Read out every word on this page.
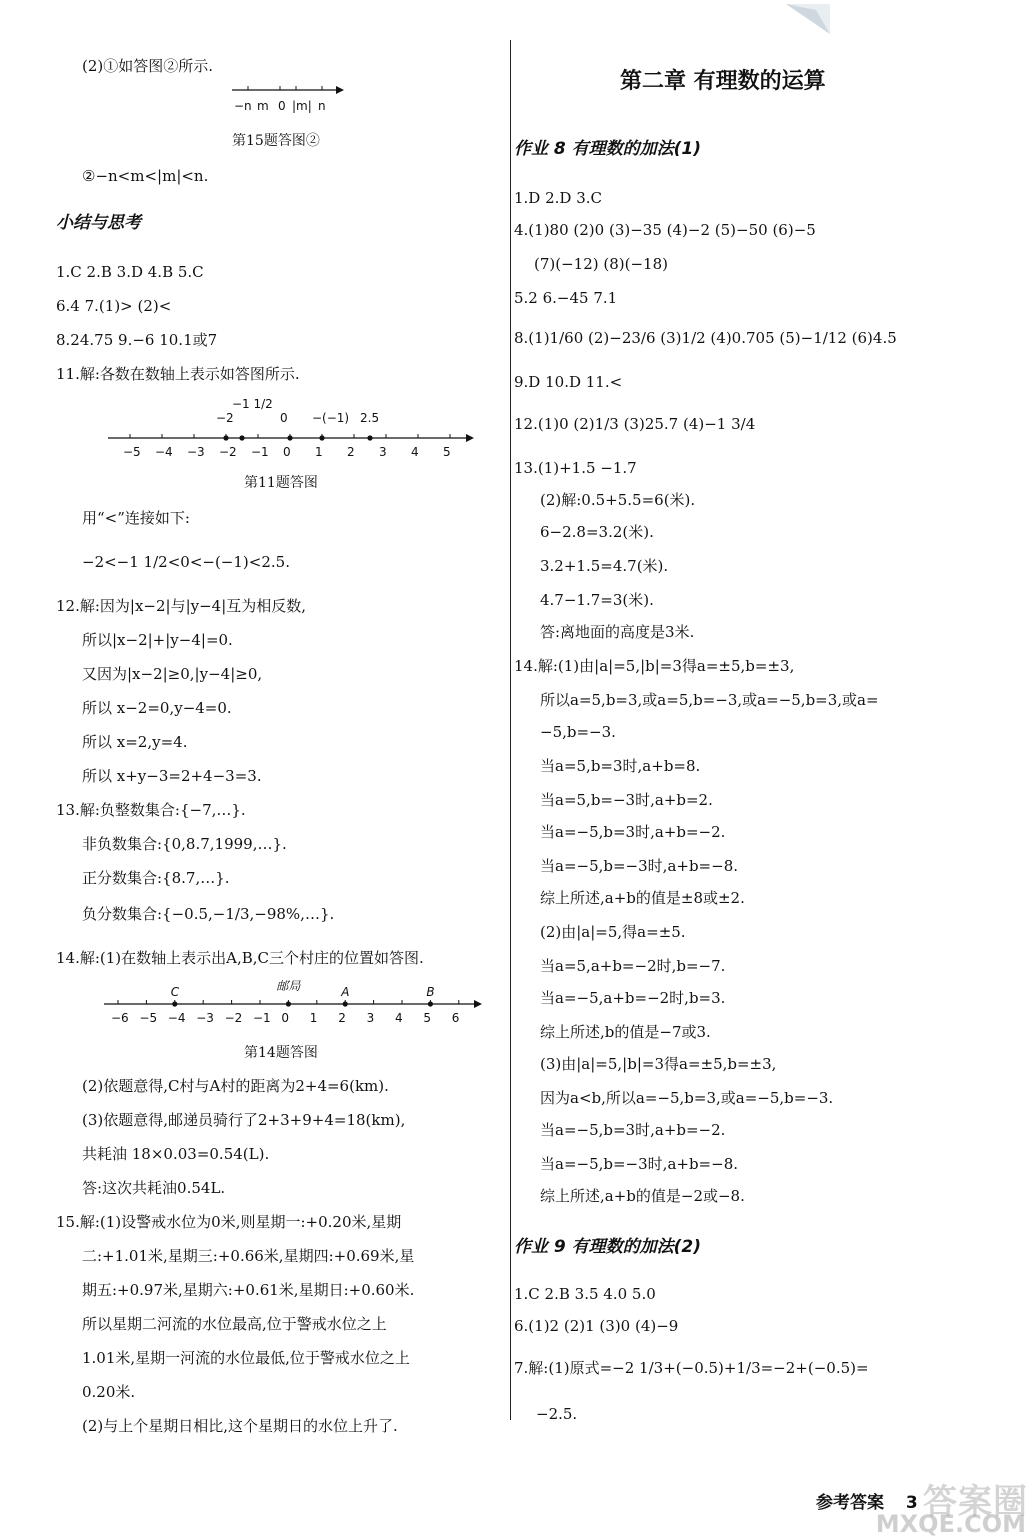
(2)①如答图②所示.
−n m 0 |m| n
第15题答图②
②−n<m<|m|<n.
小结与思考
1.C 2.B 3.D 4.B 5.C
6.4 7.(1)> (2)<
8.24.75 9.−6 10.1或7
11.解:各数在数轴上表示如答图所示.
−5 −4 −3 −2 −1 0 1 2 3 4 5
−2
−1 1/2
0 −(−1) 2.5
第11题答图
用“<”连接如下:
−2<−1 1/2<0<−(−1)<2.5.
12.解:因为|x−2|与|y−4|互为相反数,
所以|x−2|+|y−4|=0.
又因为|x−2|≥0,|y−4|≥0,
所以 x−2=0,y−4=0.
所以 x=2,y=4.
所以 x+y−3=2+4−3=3.
13.解:负整数集合:{−7,…}.
非负数集合:{0,8.7,1999,…}.
正分数集合:{8.7,…}.
负分数集合:{−0.5,−1/3,−98%,…}.
14.解:(1)在数轴上表示出A,B,C三个村庄的位置如答图.
−6 −5 −4 −3 −2 −1 0 1 2 3 4 5 6
C	邮局	A	B
第14题答图
(2)依题意得,C村与A村的距离为2+4=6(km).
(3)依题意得,邮递员骑行了2+3+9+4=18(km),
共耗油 18×0.03=0.54(L).
答:这次共耗油0.54L.
15.解:(1)设警戒水位为0米,则星期一:+0.20米,星期
二:+1.01米,星期三:+0.66米,星期四:+0.69米,星
期五:+0.97米,星期六:+0.61米,星期日:+0.60米.
所以星期二河流的水位最高,位于警戒水位之上
1.01米,星期一河流的水位最低,位于警戒水位之上
0.20米.
(2)与上个星期日相比,这个星期日的水位上升了.
第二章 有理数的运算
作业 8 有理数的加法(1)
1.D 2.D 3.C
4.(1)80 (2)0 (3)−35 (4)−2 (5)−50 (6)−5
(7)(−12) (8)(−18)
5.2 6.−45 7.1
8.(1)1/60 (2)−23/6 (3)1/2 (4)0.705 (5)−1/12 (6)4.5
9.D 10.D 11.<
12.(1)0 (2)1/3 (3)25.7 (4)−1 3/4
13.(1)+1.5 −1.7
(2)解:0.5+5.5=6(米).
6−2.8=3.2(米).
3.2+1.5=4.7(米).
4.7−1.7=3(米).
答:离地面的高度是3米.
14.解:(1)由|a|=5,|b|=3得a=±5,b=±3,
所以a=5,b=3,或a=5,b=−3,或a=−5,b=3,或a=
−5,b=−3.
当a=5,b=3时,a+b=8.
当a=5,b=−3时,a+b=2.
当a=−5,b=3时,a+b=−2.
当a=−5,b=−3时,a+b=−8.
综上所述,a+b的值是±8或±2.
(2)由|a|=5,得a=±5.
当a=5,a+b=−2时,b=−7.
当a=−5,a+b=−2时,b=3.
综上所述,b的值是−7或3.
(3)由|a|=5,|b|=3得a=±5,b=±3,
因为a<b,所以a=−5,b=3,或a=−5,b=−3.
当a=−5,b=3时,a+b=−2.
当a=−5,b=−3时,a+b=−8.
综上所述,a+b的值是−2或−8.
作业 9 有理数的加法(2)
1.C 2.B 3.5 4.0 5.0
6.(1)2 (2)1 (3)0 (4)−9
7.解:(1)原式=−2 1/3+(−0.5)+1/3=−2+(−0.5)=
−2.5.
参考答案 3 答案圈
MXQE.COM
